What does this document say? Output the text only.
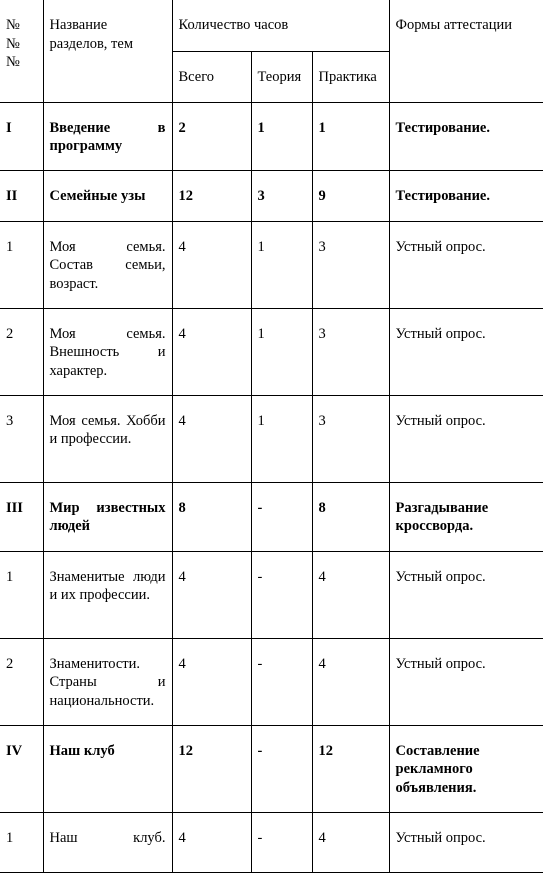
№
№
№	Название разделов, тем	Количество часов			Формы аттестации
		Всего	Теория	Практика	
I	Введение в программу	2	1	1	Тестирование.
II	Семейные узы	12	3	9	Тестирование.
1	Моя семья. Состав семьи, возраст.	4	1	3	Устный опрос.
2	Моя семья. Внешность и характер.	4	1	3	Устный опрос.
3	Моя семья. Хобби и профессии.	4	1	3	Устный опрос.
III	Мир известных людей	8	-	8	Разгадывание кроссворда.
1	Знаменитые люди и их профессии.	4	-	4	Устный опрос.
2	Знаменитости. Страны и национальности.	4	-	4	Устный опрос.
IV	Наш клуб	12	-	12	Составление рекламного объявления.
1	Наш клуб.	4	-	4	Устный опрос.
